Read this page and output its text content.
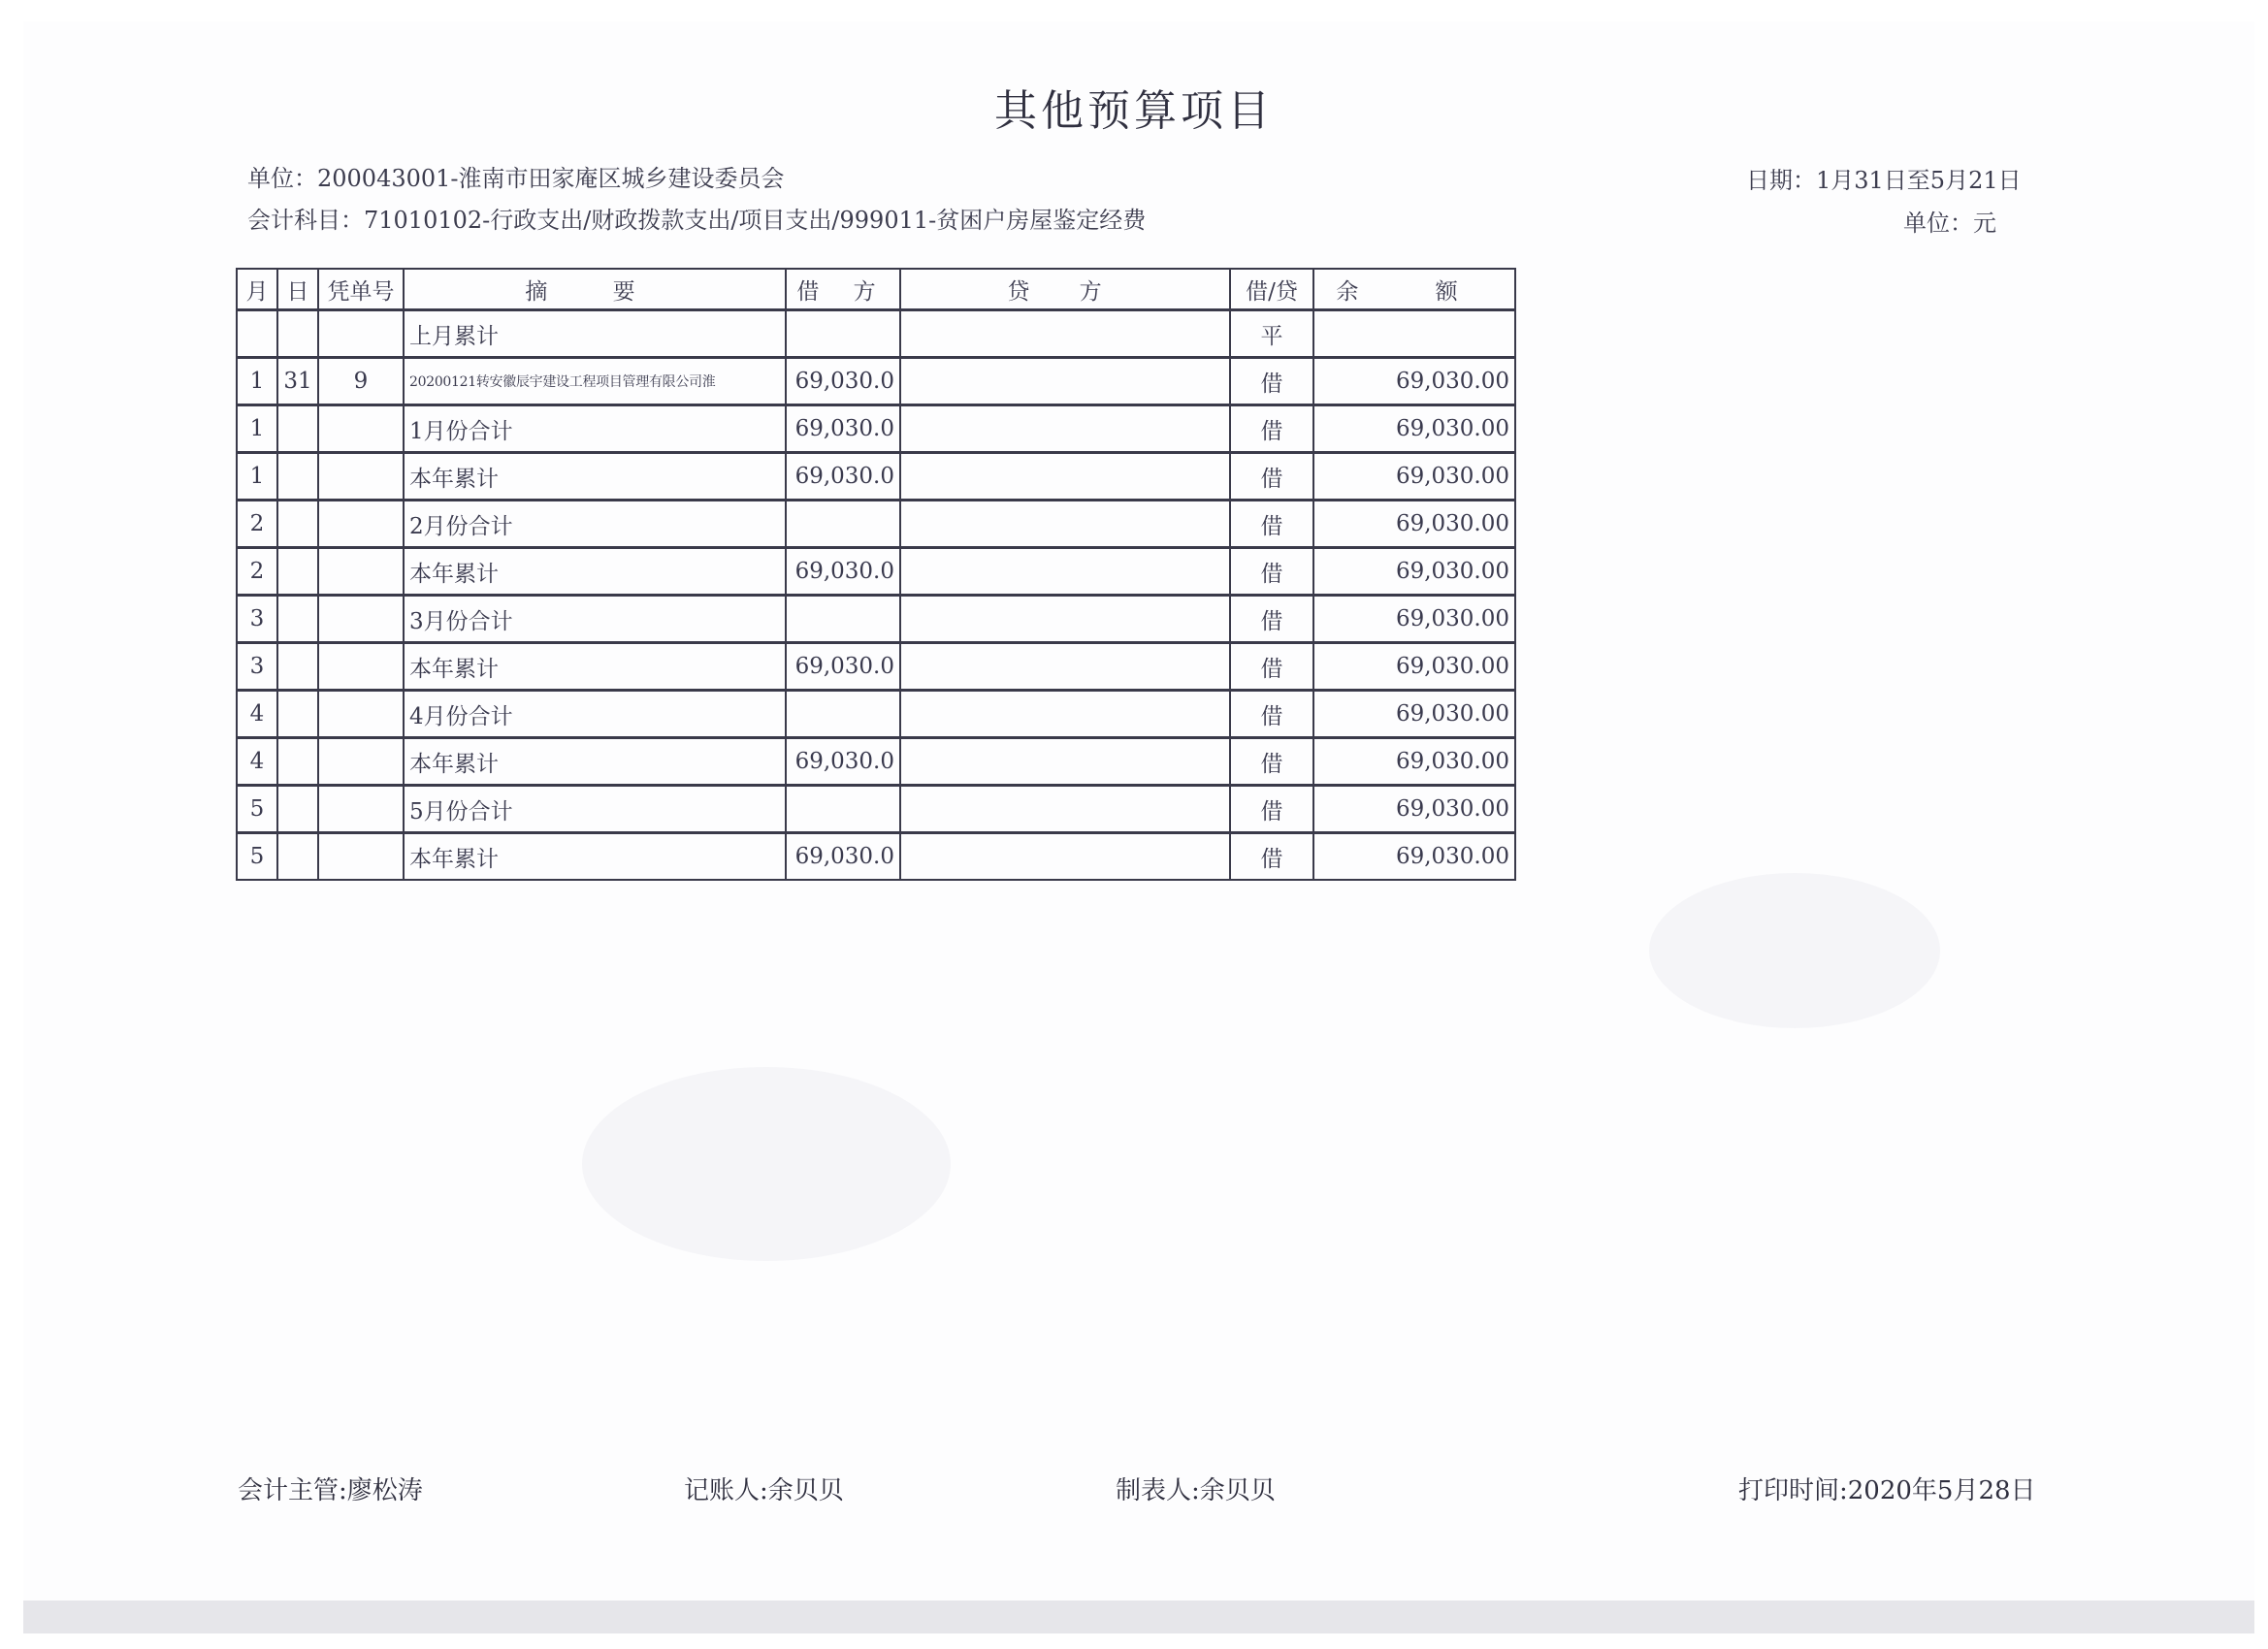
其他预算项目
单位：200043001-淮南市田家庵区城乡建设委员会
会计科目：71010102-行政支出/财政拨款支出/项目支出/999011-贫困户房屋鉴定经费
日期：1月31日至5月21日
单位：元
月	日	凭单号	摘 要	借 方	贷 方	借/贷	余 额
			上月累计			平	
1	31	9	20200121转安徽辰宇建设工程项目管理有限公司淮	69,030.0		借	69,030.00
1			1月份合计	69,030.0		借	69,030.00
1			本年累计	69,030.0		借	69,030.00
2			2月份合计			借	69,030.00
2			本年累计	69,030.0		借	69,030.00
3			3月份合计			借	69,030.00
3			本年累计	69,030.0		借	69,030.00
4			4月份合计			借	69,030.00
4			本年累计	69,030.0		借	69,030.00
5			5月份合计			借	69,030.00
5			本年累计	69,030.0		借	69,030.00
会计主管:廖松涛	记账人:余贝贝	制表人:余贝贝	打印时间:2020年5月28日
